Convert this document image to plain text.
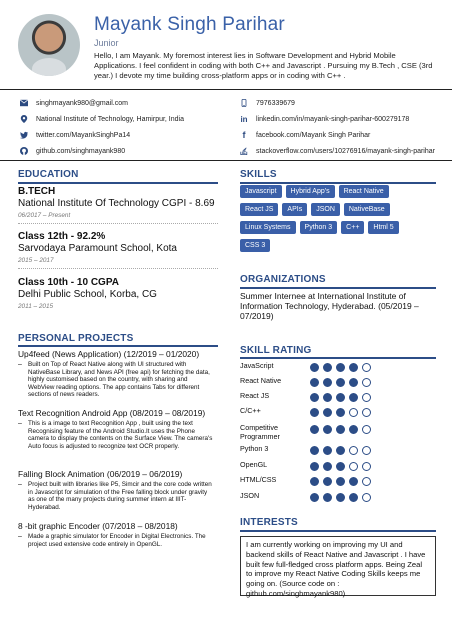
Mayank Singh Parihar
Junior
Hello, I am Mayank. My foremost interest lies in Software Development and Hybrid Mobile Applications. I feel confident in coding with both C++ and Javascript . Pursuing my B.Tech , CSE (3rd year.) I devote my time building cross-platform apps or in coding with C++ .
singhmayank980@gmail.com	7976339679
National Institute of Technology, Hamirpur, India	in	linkedin.com/in/mayank-singh-parihar-600279178
twitter.com/MayankSinghPa14	f	facebook.com/Mayank Singh Parihar
github.com/singhmayank980	stackoverflow.com/users/10276916/mayank-singh-parihar
EDUCATION
B.TECH
National Institute Of Technology CGPI - 8.69
06/2017 – Present
Class 12th - 92.2%
Sarvodaya Paramount School, Kota
2015 – 2017
Class 10th - 10 CGPA
Delhi Public School, Korba, CG
2011 – 2015
PERSONAL PROJECTS
Up4feed (News Application) (12/2019 – 01/2020)
– Built on Top of React Native along with UI structured with NativeBase Library, and News API (free api) for fetching the data, highly customised based on the country, with sharing and WebView reading options. The app contains Tabs for different sections of news readers.
Text Recognition Android App (08/2019 – 08/2019)
– This is a image to text Recognition App , built using the text Recognising feature of the Android Studio.It uses the Phone camera to display the contents on the Surface View. The camera's Auto focus is adjusted to recognize text OCR properly.
Falling Block Animation (06/2019 – 06/2019)
– Project built with libraries like P5, Simcir and the core code written in Javascript for simulation of the Free falling block under gravity as one of the many projects during summer intern at IIIT-Hyderabad.
8 -bit graphic Encoder (07/2018 – 08/2018)
– Made a graphic simulator for Encoder in Digital Electronics. The project used extensive code entirely in OpenGL.
SKILLS
Javascript	Hybrid App's	React Native
React JS	APIs	JSON	NativeBase
Linux Systems	Python 3	C++	Html 5
CSS 3
ORGANIZATIONS
Summer Internee at International Institute of Information Technology, Hyderabad. (05/2019 – 07/2019)
SKILL RATING
JavaScript
React Native
React JS
C/C++
Competitive Programmer
Python 3
OpenGL
HTML/CSS
JSON
INTERESTS
I am currently working on improving my UI and backend skills of React Native and Javascript . I have built few full-fledged cross platform apps. Being Zeal to improve my React Native Coding Skills keeps me going on. (Source code on : github.com/singhmayank980)
